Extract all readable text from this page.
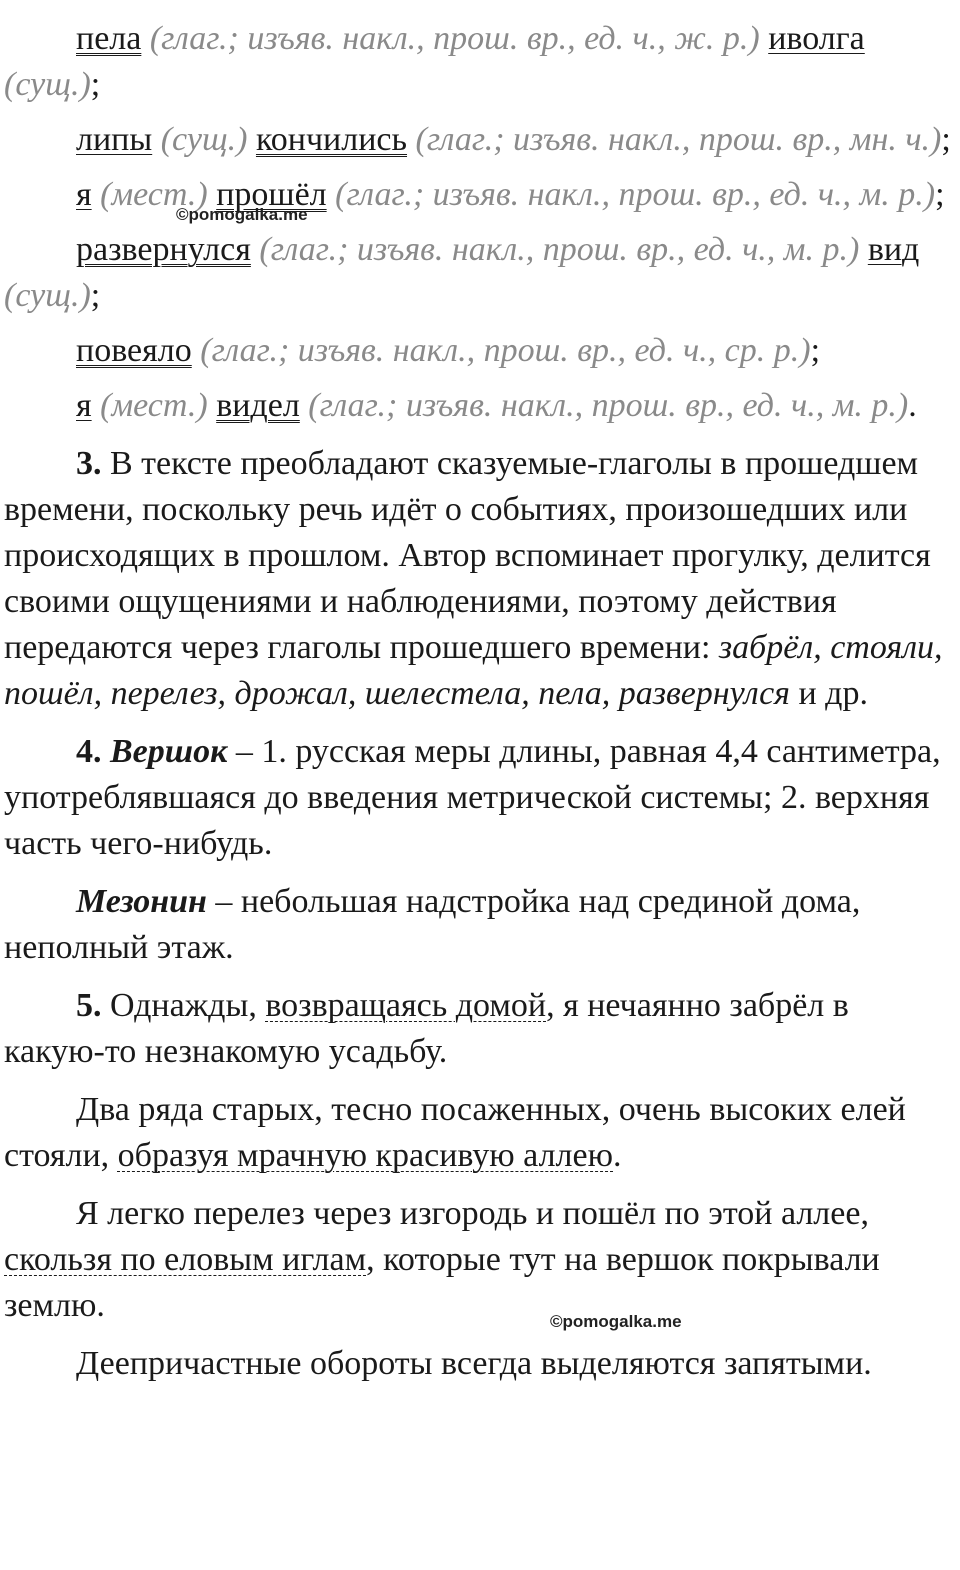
пела (глаг.; изъяв. накл., прош. вр., ед. ч., ж. р.) иволга (сущ.);

липы (сущ.) кончились (глаг.; изъяв. накл., прош. вр., мн. ч.);

я (мест.) прошёл (глаг.; изъяв. накл., прош. вр., ед. ч., м. р.);

развернулся (глаг.; изъяв. накл., прош. вр., ед. ч., м. р.) вид (сущ.);

повеяло (глаг.; изъяв. накл., прош. вр., ед. ч., ср. р.);

я (мест.) видел (глаг.; изъяв. накл., прош. вр., ед. ч., м. р.).

3. В тексте преобладают сказуемые-глаголы в прошедшем времени, поскольку речь идёт о событиях, произошедших или происходящих в прошлом. Автор вспоминает прогулку, делится своими ощущениями и наблюдениями, поэтому действия передаются через глаголы прошедшего времени: забрёл, стояли, пошёл, перелез, дрожал, шелестела, пела, развернулся и др.

4. Вершок – 1. русская меры длины, равная 4,4 сантиметра, употреблявшаяся до введения метрической системы; 2. верхняя часть чего-нибудь.

Мезонин – небольшая надстройка над срединой дома, неполный этаж.

5. Однажды, возвращаясь домой, я нечаянно забрёл в какую-то незнакомую усадьбу.

Два ряда старых, тесно посаженных, очень высоких елей стояли, образуя мрачную красивую аллею.

Я легко перелез через изгородь и пошёл по этой аллее, скользя по еловым иглам, которые тут на вершок покрывали землю.

Деепричастные обороты всегда выделяются запятыми.

©pomogalka.me
©pomogalka.me
